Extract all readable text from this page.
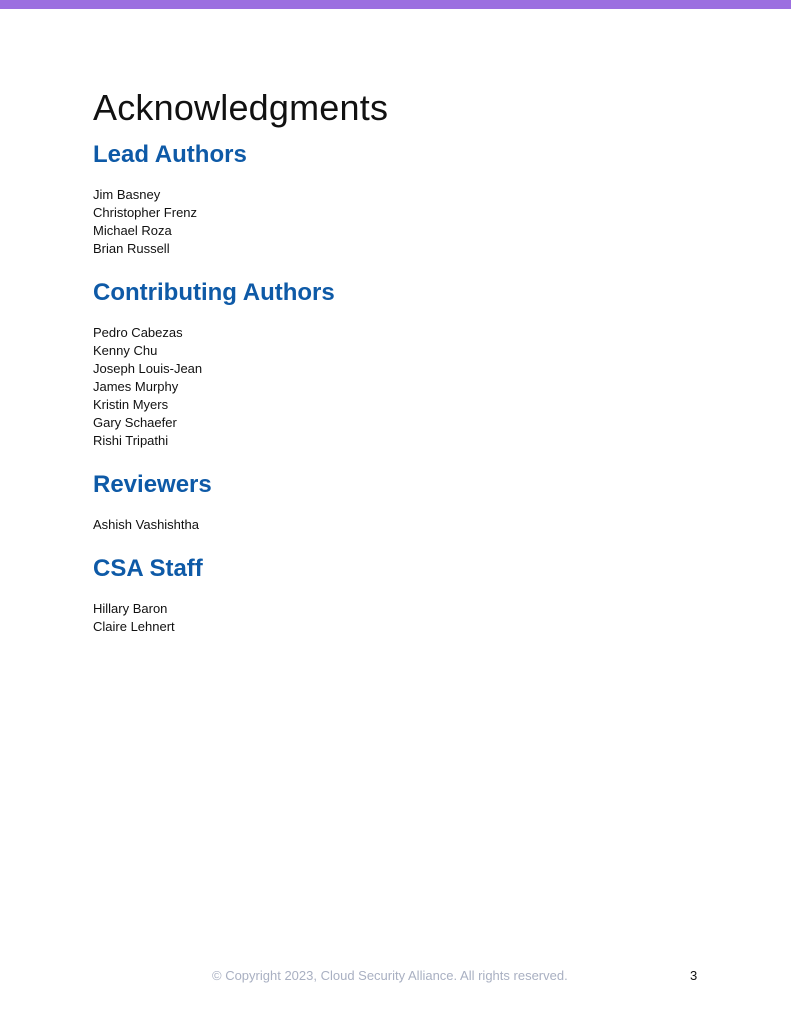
Acknowledgments
Lead Authors
Jim Basney
Christopher Frenz
Michael Roza
Brian Russell
Contributing Authors
Pedro Cabezas
Kenny Chu
Joseph Louis-Jean
James Murphy
Kristin Myers
Gary Schaefer
Rishi Tripathi
Reviewers
Ashish Vashishtha
CSA Staff
Hillary Baron
Claire Lehnert
© Copyright 2023, Cloud Security Alliance. All rights reserved.	3
